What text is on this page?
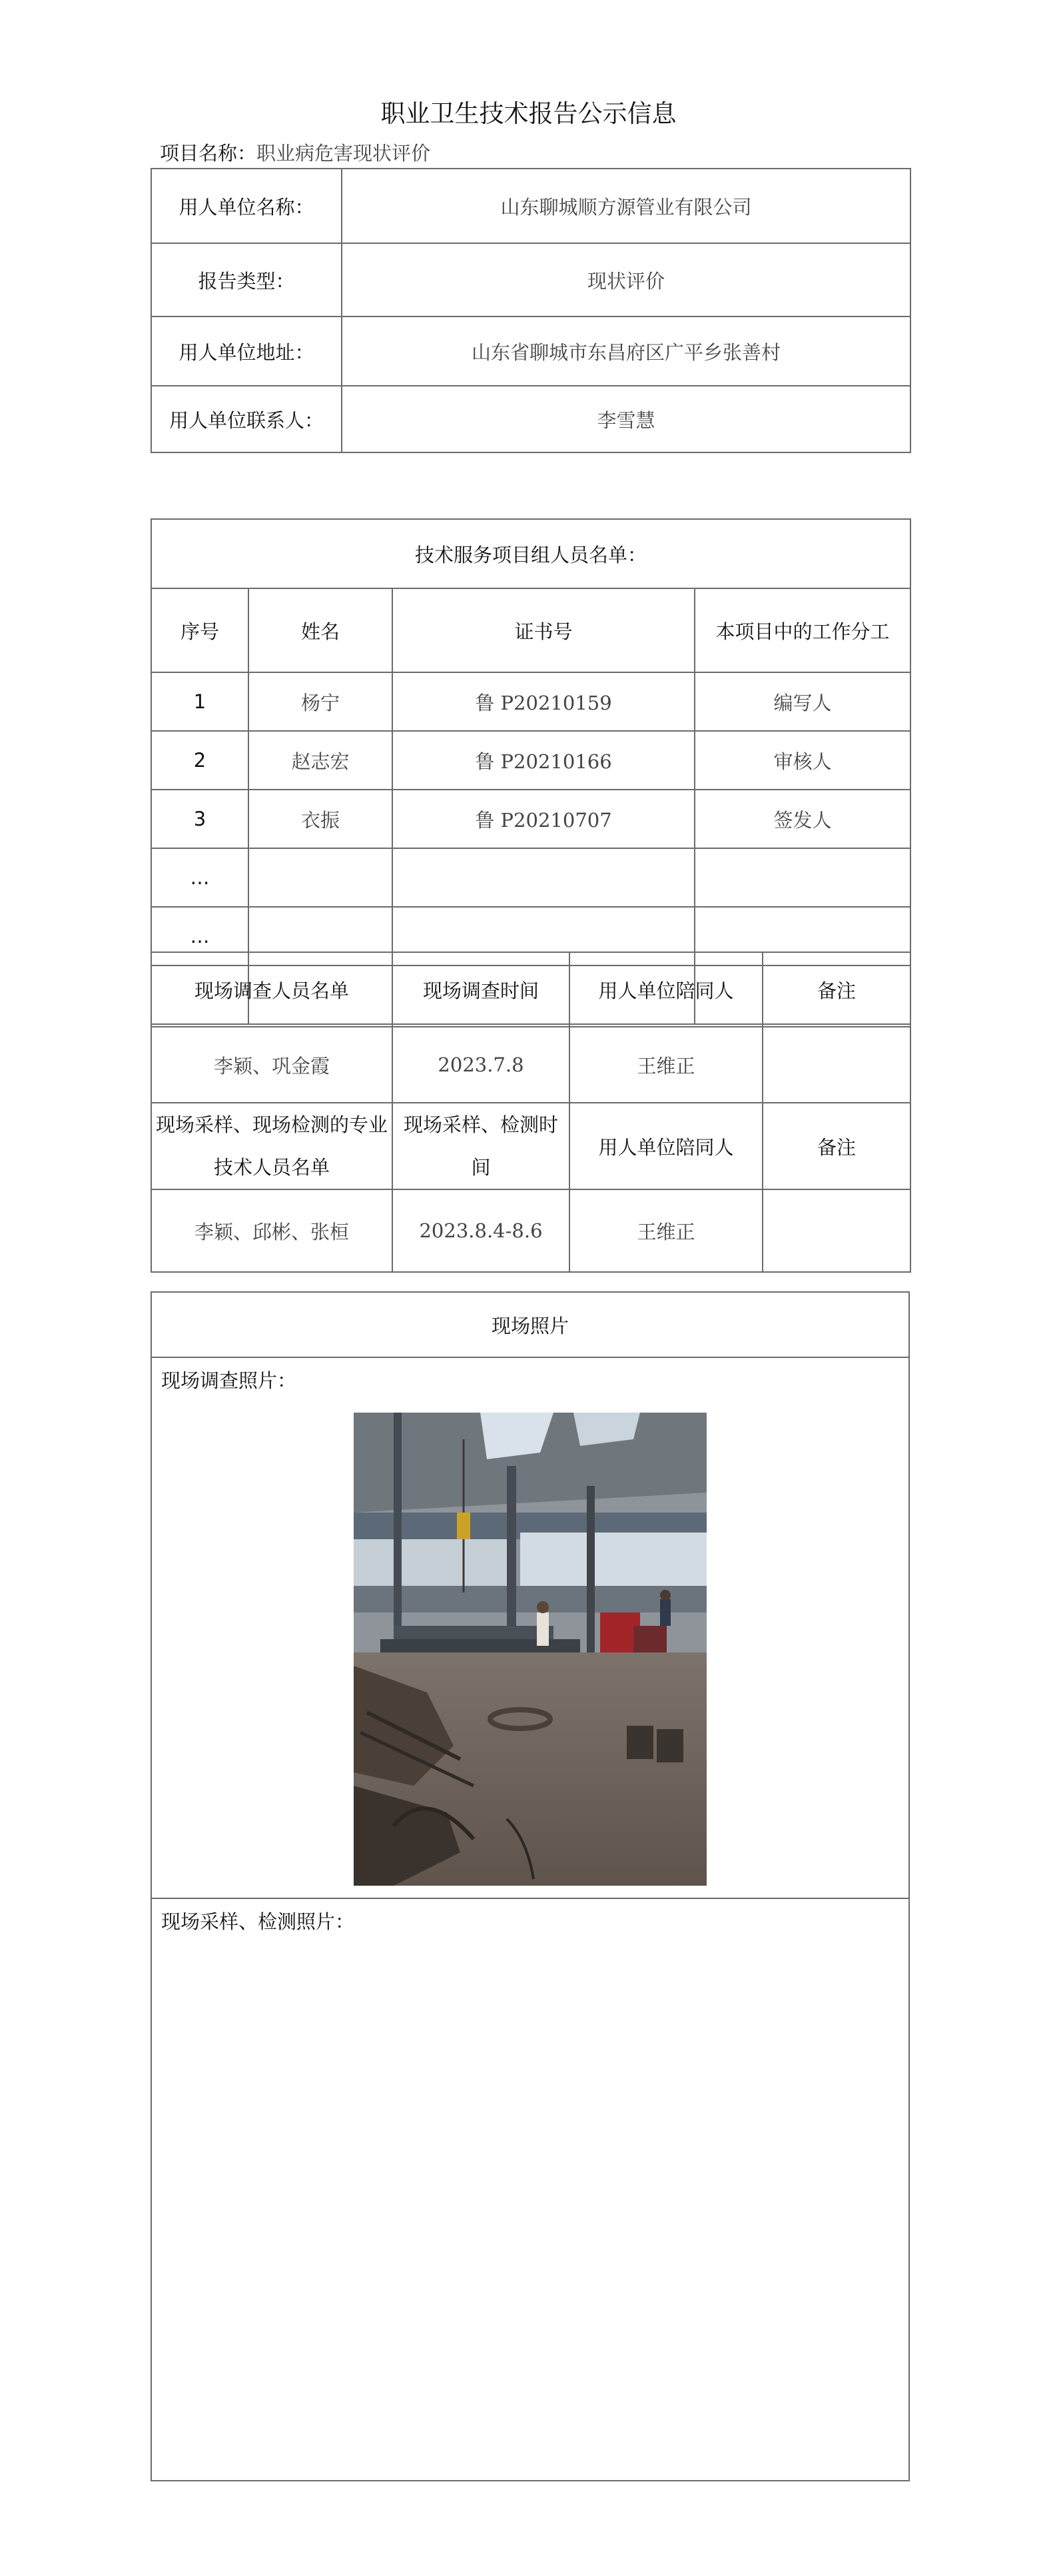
职业卫生技术报告公示信息
项目名称：职业病危害现状评价
用人单位名称：	山东聊城顺方源管业有限公司
报告类型：	现状评价
用人单位地址：	山东省聊城市东昌府区广平乡张善村
用人单位联系人：	李雪慧
技术服务项目组人员名单：			
序号	姓名	证书号	本项目中的工作分工
1	杨宁	鲁 P20210159	编写人
2	赵志宏	鲁 P20210166	审核人
3	衣振	鲁 P20210707	签发人
…			
…			

现场调查人员名单	现场调查时间	用人单位陪同人	备注
李颖、巩金霞	2023.7.8	王维正	
现场采样、现场检测的专业技术人员名单	现场采样、检测时间	用人单位陪同人	备注
李颖、邱彬、张桓	2023.8.4-8.6	王维正	
现场照片
现场调查照片：
现场采样、检测照片：
